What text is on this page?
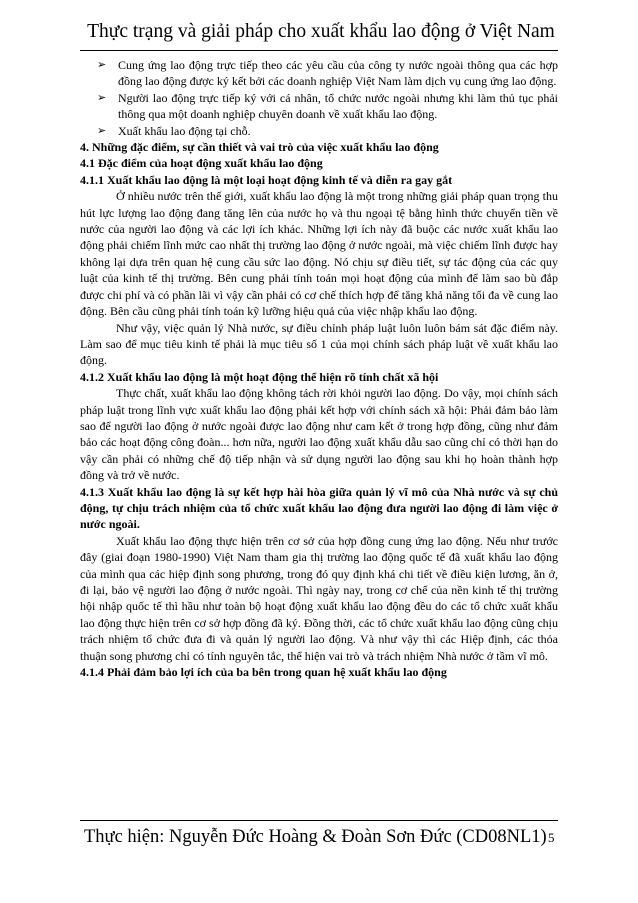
Thực trạng và giải pháp cho xuất khẩu lao động ở Việt Nam
➢ Cung ứng lao động trực tiếp theo các yêu cầu của công ty nước ngoài thông qua các hợp đồng lao động được ký kết bởi các doanh nghiệp Việt Nam làm dịch vụ cung ứng lao động.
➢ Người lao động trực tiếp ký với cá nhân, tổ chức nước ngoài nhưng khi làm thủ tục phải thông qua một doanh nghiệp chuyên doanh về xuất khẩu lao động.
➢ Xuất khẩu lao động tại chỗ.

4. Những đặc điểm, sự cần thiết và vai trò của việc xuất khẩu lao động

4.1 Đặc điểm của hoạt động xuất khẩu lao động

4.1.1 Xuất khẩu lao động là một loại hoạt động kinh tế và diễn ra gay gắt

Ở nhiều nước trên thế giới, xuất khẩu lao động là một trong những giải pháp quan trọng thu hút lực lượng lao động đang tăng lên của nước họ và thu ngoại tệ bằng hình thức chuyển tiền về nước của người lao động và các lợi ích khác. Những lợi ích này đã buộc các nước xuất khẩu lao động phải chiếm lĩnh mức cao nhất thị trường lao động ở nước ngoài, mà việc chiếm lĩnh được hay không lại dựa trên quan hệ cung cầu sức lao động. Nó chịu sự điều tiết, sự tác động của các quy luật của kinh tế thị trường. Bên cung phải tính toán mọi hoạt động của mình để làm sao bù đắp được chi phí và có phần lãi vì vậy cần phải có cơ chế thích hợp để tăng khả năng tối đa về cung lao động. Bên cầu cũng phải tính toán kỹ lưỡng hiệu quả của việc nhập khẩu lao động.

Như vậy, việc quản lý Nhà nước, sự điều chỉnh pháp luật luôn luôn bám sát đặc điểm này. Làm sao để mục tiêu kinh tế phải là mục tiêu số 1 của mọi chính sách pháp luật về xuất khẩu lao động.

4.1.2 Xuất khẩu lao động là một hoạt động thể hiện rõ tính chất xã hội

Thực chất, xuất khẩu lao động không tách rời khỏi người lao động. Do vậy, mọi chính sách pháp luật trong lĩnh vực xuất khẩu lao động phải kết hợp với chính sách xã hội: Phải đảm bảo làm sao để người lao động ở nước ngoài được lao động như cam kết ở trong hợp đồng, cũng như đảm bảo các hoạt động công đoàn... hơn nữa, người lao động xuất khẩu dẫu sao cũng chỉ có thời hạn do vậy cần phải có những chế độ tiếp nhận và sử dụng người lao động sau khi họ hoàn thành hợp đồng và trở về nước.

4.1.3 Xuất khẩu lao động là sự kết hợp hài hòa giữa quản lý vĩ mô của Nhà nước và sự chủ động, tự chịu trách nhiệm của tổ chức xuất khẩu lao động đưa người lao động đi làm việc ở nước ngoài.

Xuất khẩu lao động thực hiện trên cơ sở của hợp đồng cung ứng lao động. Nếu như trước đây (giai đoạn 1980-1990) Việt Nam tham gia thị trường lao động quốc tế đã xuất khẩu lao động của mình qua các hiệp định song phương, trong đó quy định khá chi tiết về điều kiện lương, ăn ở, đi lại, bảo vệ người lao động ở nước ngoài. Thì ngày nay, trong cơ chế của nền kinh tế thị trường hội nhập quốc tế thì hầu như toàn bộ hoạt động xuất khẩu lao động đều do các tổ chức xuất khẩu lao động thực hiện trên cơ sở hợp đồng đã ký. Đồng thời, các tổ chức xuất khẩu lao động cũng chịu trách nhiệm tổ chức đưa đi và quản lý người lao động. Và như vậy thì các Hiệp định, các thỏa thuận song phương chỉ có tính nguyên tắc, thể hiện vai trò và trách nhiệm Nhà nước ở tầm vĩ mô.

4.1.4 Phải đảm bảo lợi ích của ba bên trong quan hệ xuất khẩu lao động

Thực hiện: Nguyễn Đức Hoàng & Đoàn Sơn Đức (CD08NL1) 5
